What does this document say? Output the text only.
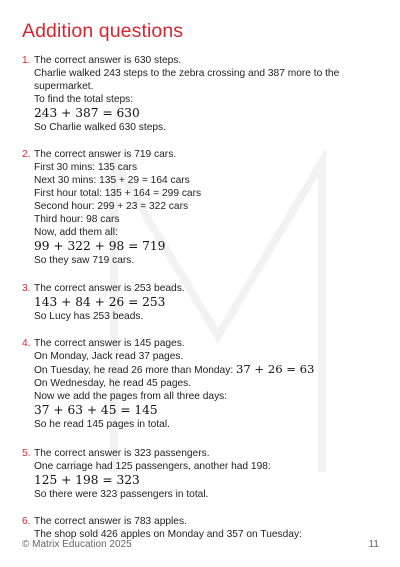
Addition questions
1. The correct answer is 630 steps.
Charlie walked 243 steps to the zebra crossing and 387 more to the supermarket.
To find the total steps:
243 + 387 = 630
So Charlie walked 630 steps.
2. The correct answer is 719 cars.
First 30 mins: 135 cars
Next 30 mins: 135 + 29 = 164 cars
First hour total: 135 + 164 = 299 cars
Second hour: 299 + 23 = 322 cars
Third hour: 98 cars
Now, add them all:
99 + 322 + 98 = 719
So they saw 719 cars.
3. The correct answer is 253 beads.
143 + 84 + 26 = 253
So Lucy has 253 beads.
4. The correct answer is 145 pages.
On Monday, Jack read 37 pages.
On Tuesday, he read 26 more than Monday: 37 + 26 = 63
On Wednesday, he read 45 pages.
Now we add the pages from all three days:
37 + 63 + 45 = 145
So he read 145 pages in total.
5. The correct answer is 323 passengers.
One carriage had 125 passengers, another had 198:
125 + 198 = 323
So there were 323 passengers in total.
6. The correct answer is 783 apples.
The shop sold 426 apples on Monday and 357 on Tuesday:
© Matrix Education 2025	11
